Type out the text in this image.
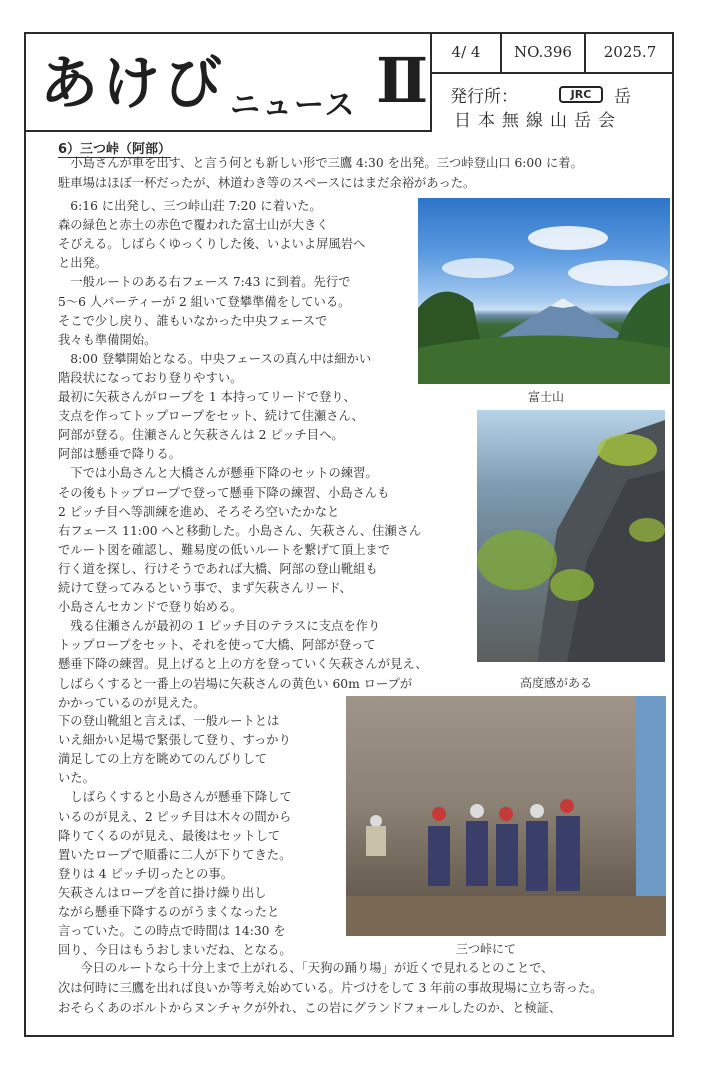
あけび ニュース Ⅱ	4/ 4	NO.396	2025.7
発行所：	JRC	岳
日本無線山岳会
6）三つ峠（阿部）
　小島さんが車を出す、と言う何とも新しい形で三鷹 4:30 を出発。三つ峠登山口 6:00 に着。
駐車場はほぼ一杯だったが、林道わき等のスペースにはまだ余裕があった。
　6:16 に出発し、三つ峠山荘 7:20 に着いた。
森の緑色と赤土の赤色で覆われた富士山が大きく
そびえる。しばらくゆっくりした後、いよいよ屏風岩へ
と出発。
　一般ルートのある右フェース 7:43 に到着。先行で
5～6 人パーティーが 2 組いて登攀準備をしている。
そこで少し戻り、誰もいなかった中央フェースで
我々も準備開始。
　8:00 登攀開始となる。中央フェースの真ん中は細かい
階段状になっており登りやすい。
最初に矢萩さんがロープを 1 本持ってリードで登り、
支点を作ってトップロープをセット、続けて住瀬さん、
阿部が登る。住瀬さんと矢萩さんは 2 ピッチ目へ。
阿部は懸垂で降りる。
　下では小島さんと大橋さんが懸垂下降のセットの練習。
その後もトップロープで登って懸垂下降の練習、小島さんも
2 ピッチ目へ等訓練を進め、そろそろ空いたかなと
右フェース 11:00 へと移動した。小島さん、矢萩さん、住瀬さん
でルート図を確認し、難易度の低いルートを繋げて頂上まで
行く道を探し、行けそうであれば大橋、阿部の登山靴組も
続けて登ってみるという事で、まず矢萩さんリード、
小島さんセカンドで登り始める。
　残る住瀬さんが最初の 1 ピッチ目のテラスに支点を作り
トップロープをセット、それを使って大橋、阿部が登って
懸垂下降の練習。見上げると上の方を登っていく矢萩さんが見え、
しばらくすると一番上の岩場に矢萩さんの黄色い 60m ロープが
かかっているのが見えた。
下の登山靴組と言えば、一般ルートとは
いえ細かい足場で緊張して登り、すっかり
満足しての上方を眺めてのんびりして
いた。
　しばらくすると小島さんが懸垂下降して
いるのが見え、2 ピッチ目は木々の間から
降りてくるのが見え、最後はセットして
置いたロープで順番に二人が下りてきた。
登りは 4 ピッチ切ったとの事。
矢萩さんはロープを首に掛け繰り出し
ながら懸垂下降するのがうまくなったと
言っていた。この時点で時間は 14:30 を
回り、今日はもうおしまいだね、となる。
　今日のルートなら十分上まで上がれる、「天狗の踊り場」が近くで見れるとのことで、
次は何時に三鷹を出れば良いか等考え始めている。片づけをして 3 年前の事故現場に立ち寄った。
おそらくあのボルトからヌンチャクが外れ、この岩にグランドフォールしたのか、と検証、
富士山
高度感がある
三つ峠にて
